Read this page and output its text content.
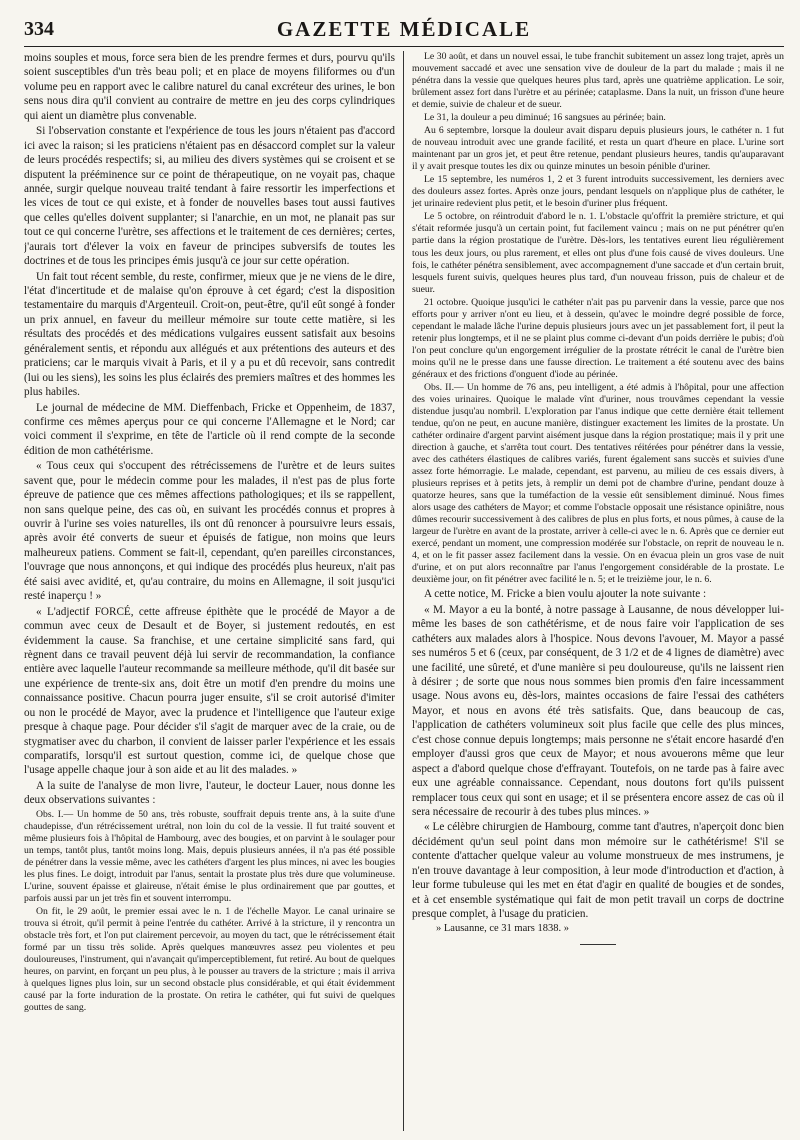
334	GAZETTE MÉDICALE

moins souples et mous, force sera bien de les prendre fermes et durs, pourvu qu'ils soient susceptibles d'un très beau poli; et en place de moyens filiformes ou d'un volume peu en rapport avec le calibre naturel du canal excréteur des urines, le bon sens nous dira qu'il convient au contraire de mettre en jeu des corps cylindriques qui aient un diamètre plus convenable.

Si l'observation constante et l'expérience de tous les jours n'étaient pas d'accord ici avec la raison; si les praticiens n'étaient pas en désaccord complet sur la valeur de leurs procédés respectifs; si, au milieu des divers systèmes qui se croisent et se disputent la prééminence sur ce point de thérapeutique, on ne voyait pas, chaque année, surgir quelque nouveau traité tendant à faire ressortir les imperfections et les vices de tout ce qui existe, et à fonder de nouvelles bases tout aussi fautives que celles qu'elles doivent supplanter; si l'anarchie, en un mot, ne planait pas sur tout ce qui concerne l'urètre, ses affections et le traitement de ces dernières; certes, j'aurais tort d'élever la voix en faveur de principes subversifs de toutes les doctrines et de tous les principes émis jusqu'à ce jour sur cette opération.

Un fait tout récent semble, du reste, confirmer, mieux que je ne viens de le dire, l'état d'incertitude et de malaise qu'on éprouve à cet égard; c'est la disposition testamentaire du marquis d'Argenteuil. Croit-on, peut-être, qu'il eût songé à fonder un prix annuel, en faveur du meilleur mémoire sur toute cette matière, si les résultats des procédés et des médications vulgaires eussent satisfait aux besoins généralement sentis, et répondu aux allégués et aux prétentions des auteurs et des praticiens; car le marquis vivait à Paris, et il y a pu et dû recevoir, sans contredit (lui ou les siens), les soins les plus éclairés des premiers maîtres et des hommes les plus habiles.

Le journal de médecine de MM. Dieffenbach, Fricke et Oppenheim, de 1837, confirme ces mêmes aperçus pour ce qui concerne l'Allemagne et le Nord; car voici comment il s'exprime, en tête de l'article où il rend compte de la seconde édition de mon cathétérisme.

« Tous ceux qui s'occupent des rétrécissemens de l'urètre et de leurs suites savent que, pour le médecin comme pour les malades, il n'est pas de plus forte épreuve de patience que ces mêmes affections pathologiques; et ils se rappellent, non sans quelque peine, des cas où, en suivant les procédés connus et propres à ouvrir à l'urine ses voies naturelles, ils ont dû renoncer à poursuivre leurs essais, après avoir été converts de sueur et épuisés de fatigue, non moins que leurs malheureux patiens. Comment se fait-il, cependant, qu'en pareilles circonstances, l'ouvrage que nous annonçons, et qui indique des procédés plus heureux, n'ait pas été saisi avec avidité, et, qu'au contraire, du moins en Allemagne, il soit jusqu'ici resté inaperçu ! »

« L'adjectif FORCÉ, cette affreuse épithète que le procédé de Mayor a de commun avec ceux de Desault et de Boyer, si justement redoutés, en est évidemment la cause. Sa franchise, et une certaine simplicité sans fard, qui règnent dans ce travail peuvent déjà lui servir de recommandation, la confiance entière avec laquelle l'auteur recommande sa meilleure méthode, qu'il dit basée sur une expérience de trente-six ans, doit être un motif d'en prendre du moins une connaissance positive. Chacun pourra juger ensuite, s'il se croit autorisé d'imiter ou non le procédé de Mayor, avec la prudence et l'intelligence que l'auteur exige presque à chaque page. Pour décider s'il s'agit de marquer avec de la craie, ou de stygmatiser avec du charbon, il convient de laisser parler l'expérience et les essais comparatifs, lorsqu'il est surtout question, comme ici, de quelque chose que l'usage appelle chaque jour à son aide et au lit des malades. »

A la suite de l'analyse de mon livre, l'auteur, le docteur Lauer, nous donne les deux observations suivantes :

Obs. I.— Un homme de 50 ans, très robuste, souffrait depuis trente ans, à la suite d'une chaudepisse, d'un rétrécissement urétral, non loin du col de la vessie. Il fut traité souvent et même plusieurs fois à l'hôpital de Hambourg, avec des bougies, et on parvint à le soulager pour un temps, tantôt plus, tantôt moins long. Mais, depuis plusieurs années, il n'a pas été possible de pénétrer dans la vessie même, avec les cathéters d'argent les plus minces, ni avec les bougies les plus fines. Le doigt, introduit par l'anus, sentait la prostate plus très dure que volumineuse. L'urine, souvent épaisse et glaireuse, n'était émise le plus ordinairement que par gouttes, et parfois aussi par un jet très fin et souvent interrompu.

On fit, le 29 août, le premier essai avec le n. 1 de l'échelle Mayor. Le canal urinaire se trouva si étroit, qu'il permit à peine l'entrée du cathéter. Arrivé à la stricture, il y rencontra un obstacle très fort, et l'on put clairement percevoir, au moyen du tact, que le rétrécissement était formé par un tissu très solide. Après quelques manœuvres assez peu violentes et peu douloureuses, l'instrument, qui n'avançait qu'imperceptiblement, fut retiré. Au bout de quelques heures, on parvint, en forçant un peu plus, à le pousser au travers de la stricture ; mais il arriva à quelques lignes plus loin, sur un second obstacle plus considérable, et qui était évidemment causé par la forte induration de la prostate. On retira le cathéter, qui fut suivi de quelques gouttes de sang.

Le 30 août, et dans un nouvel essai, le tube franchit subitement un assez long trajet, après un mouvement saccadé et avec une sensation vive de douleur de la part du malade ; mais il ne pénétra dans la vessie que quelques heures plus tard, après une quatrième application. Le soir, brûlement assez fort dans l'urètre et au périnée; cataplasme. Dans la nuit, un frisson d'une heure et demie, suivie de chaleur et de sueur.

Le 31, la douleur a peu diminué; 16 sangsues au périnée; bain.

Au 6 septembre, lorsque la douleur avait disparu depuis plusieurs jours, le cathéter n. 1 fut de nouveau introduit avec une grande facilité, et resta un quart d'heure en place. L'urine sort maintenant par un gros jet, et peut être retenue, pendant plusieurs heures, tandis qu'auparavant il y avait presque toutes les dix ou quinze minutes un besoin pénible d'uriner.

Le 15 septembre, les numéros 1, 2 et 3 furent introduits successivement, les derniers avec des douleurs assez fortes. Après onze jours, pendant lesquels on n'applique plus de cathéter, le jet urinaire redevient plus petit, et le besoin d'uriner plus fréquent.

Le 5 octobre, on réintroduit d'abord le n. 1. L'obstacle qu'offrit la première stricture, et qui s'était reformée jusqu'à un certain point, fut facilement vaincu ; mais on ne put pénétrer qu'en partie dans la région prostatique de l'urètre. Dès-lors, les tentatives eurent lieu régulièrement tous les deux jours, ou plus rarement, et elles ont plus d'une fois causé de vives douleurs. Une fois, le cathéter pénétra sensiblement, avec accompagnement d'une saccade et d'un certain bruit, lesquels furent suivis, quelques heures plus tard, d'un nouveau frisson, puis de chaleur et de sueur.

21 octobre. Quoique jusqu'ici le cathéter n'ait pas pu parvenir dans la vessie, parce que nos efforts pour y arriver n'ont eu lieu, et à dessein, qu'avec le moindre degré possible de force, cependant le malade lâche l'urine depuis plusieurs jours avec un jet passablement fort, il peut la retenir plus longtemps, et il ne se plaint plus comme ci-devant d'un poids derrière le pubis; d'où l'on peut conclure qu'un engorgement irrégulier de la prostate rétrécit le canal de l'urètre bien moins qu'il ne le presse dans une fausse direction. Le traitement a été soutenu avec des bains généraux et des frictions d'onguent d'iode au périnée.

Obs. II.— Un homme de 76 ans, peu intelligent, a été admis à l'hôpital, pour une affection des voies urinaires. Quoique le malade vînt d'uriner, nous trouvâmes cependant la vessie distendue jusqu'au nombril. L'exploration par l'anus indique que cette dernière était tellement tendue, qu'on ne peut, en aucune manière, distinguer exactement les limites de la prostate. Un cathéter ordinaire d'argent parvint aisément jusque dans la région prostatique; mais il y prit une direction à gauche, et s'arrêta tout court. Des tentatives réitérées pour pénétrer dans la vessie, avec des cathéters élastiques de calibres variés, furent également sans succès et suivies d'une assez forte hémorragie. Le malade, cependant, est parvenu, au milieu de ces essais divers, à plusieurs reprises et à petits jets, à remplir un demi pot de chambre d'urine, pendant douze à quatorze heures, sans que la tuméfaction de la vessie eût sensiblement diminué. Nous fimes alors usage des cathéters de Mayor; et comme l'obstacle opposait une résistance opiniâtre, nous dûmes recourir successivement à des calibres de plus en plus forts, et nous pûmes, à cause de la largeur de l'urètre en avant de la prostate, arriver à celle-ci avec le n. 6. Après que ce dernier eut exercé, pendant un moment, une compression modérée sur l'obstacle, on reprit de nouveau le n. 4, et on le fit passer assez facilement dans la vessie. On en évacua plein un gros vase de nuit d'urine, et on put alors reconnaître par l'anus l'engorgement considérable de la prostate. Le deuxième jour, on fit pénétrer avec facilité le n. 5; et le treizième jour, le n. 6.

A cette notice, M. Fricke a bien voulu ajouter la note suivante :

« M. Mayor a eu la bonté, à notre passage à Lausanne, de nous développer lui-même les bases de son cathétérisme, et de nous faire voir l'application de ses cathéters aux malades alors à l'hospice. Nous devons l'avouer, M. Mayor a passé ses numéros 5 et 6 (ceux, par conséquent, de 3 1/2 et de 4 lignes de diamètre) avec une facilité, une sûreté, et d'une manière si peu douloureuse, qu'ils ne laissent rien à désirer ; de sorte que nous nous sommes bien promis d'en faire incessamment usage. Nous avons eu, dès-lors, maintes occasions de faire l'essai des cathéters Mayor, et nous en avons été très satisfaits. Que, dans beaucoup de cas, l'application de cathéters volumineux soit plus facile que celle des plus minces, c'est chose connue depuis longtemps; mais personne ne s'était encore hasardé d'en employer d'aussi gros que ceux de Mayor; et nous avouerons même que leur aspect a d'abord quelque chose d'effrayant. Toutefois, on ne tarde pas à faire avec eux une agréable connaissance. Cependant, nous doutons fort qu'ils puissent remplacer tous ceux qui sont en usage; et il se présentera encore assez de cas où il sera nécessaire de recourir à des tubes plus minces. »

« Le célèbre chirurgien de Hambourg, comme tant d'autres, n'aperçoit donc bien décidément qu'un seul point dans mon mémoire sur le cathétérisme! S'il se contente d'attacher quelque valeur au volume monstrueux de mes instrumens, je n'en trouve davantage à leur composition, à leur mode d'introduction et d'action, à leur forme tubuleuse qui les met en état d'agir en qualité de bougies et de sondes, et à cet ensemble systématique qui fait de mon petit travail un corps de doctrine presque complet, à l'usage du praticien.

» Lausanne, ce 31 mars 1838. »
